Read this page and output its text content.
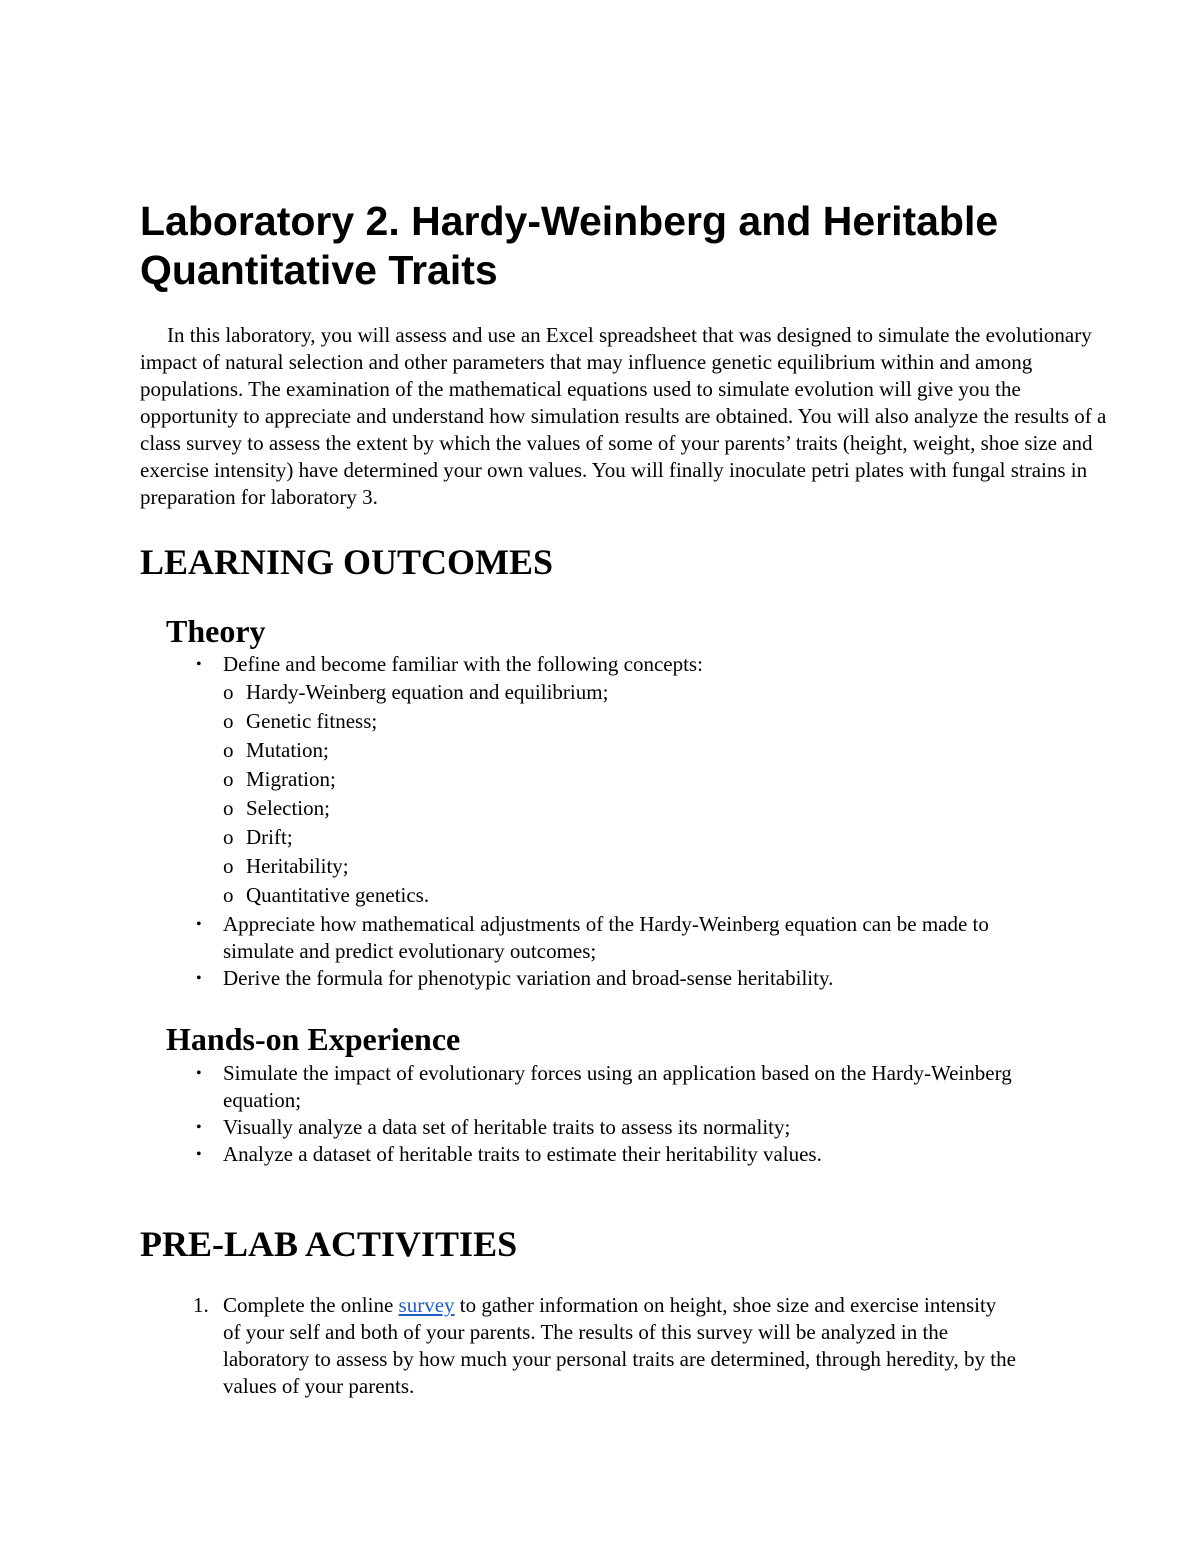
Laboratory 2. Hardy-Weinberg and Heritable
Quantitative Traits

In this laboratory, you will assess and use an Excel spreadsheet that was designed to simulate the evolutionary impact of natural selection and other parameters that may influence genetic equilibrium within and among populations. The examination of the mathematical equations used to simulate evolution will give you the opportunity to appreciate and understand how simulation results are obtained. You will also analyze the results of a class survey to assess the extent by which the values of some of your parents’ traits (height, weight, shoe size and exercise intensity) have determined your own values. You will finally inoculate petri plates with fungal strains in preparation for laboratory 3.

LEARNING OUTCOMES
Theory
• Define and become familiar with the following concepts:
o Hardy-Weinberg equation and equilibrium;
o Genetic fitness;
o Mutation;
o Migration;
o Selection;
o Drift;
o Heritability;
o Quantitative genetics.
• Appreciate how mathematical adjustments of the Hardy-Weinberg equation can be made to
simulate and predict evolutionary outcomes;
• Derive the formula for phenotypic variation and broad-sense heritability.
Hands-on Experience
• Simulate the impact of evolutionary forces using an application based on the Hardy-Weinberg
equation;
• Visually analyze a data set of heritable traits to assess its normality;
• Analyze a dataset of heritable traits to estimate their heritability values.
PRE-LAB ACTIVITIES
1. Complete the online survey to gather information on height, shoe size and exercise intensity
of your self and both of your parents. The results of this survey will be analyzed in the
laboratory to assess by how much your personal traits are determined, through heredity, by the
values of your parents.
